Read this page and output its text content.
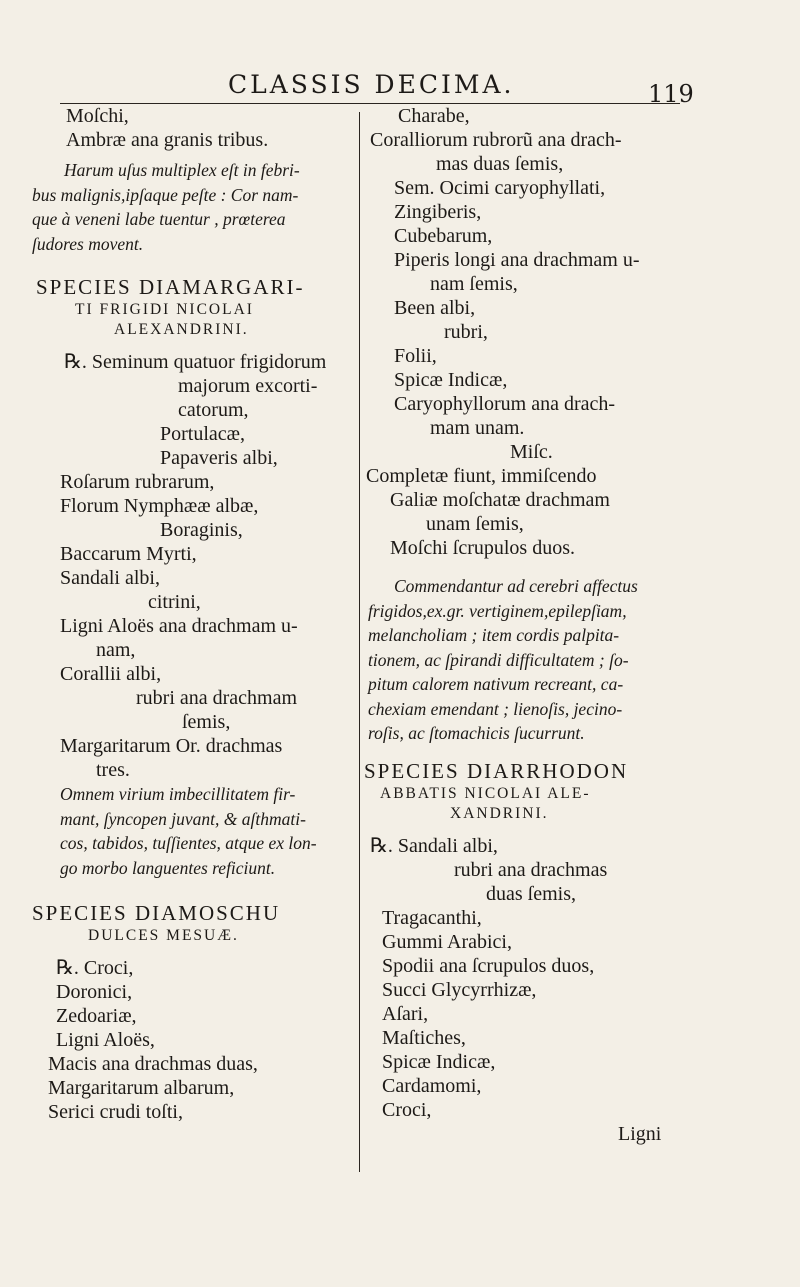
CLASSIS DECIMA.	119
Moſchi,
Ambræ ana granis tribus.
Harum uſus multiplex eſt in febri-
bus malignis,ipſaque peſte : Cor nam-
que à veneni labe tuentur , prœterea
ſudores movent.
SPECIES DIAMARGARI-
TI FRIGIDI NICOLAI
ALEXANDRINI.
℞. Seminum quatuor frigidorum
majorum excorti-
catorum,
Portulacæ,
Papaveris albi,
Roſarum rubrarum,
Florum Nymphææ albæ,
Boraginis,
Baccarum Myrti,
Sandali albi,
citrini,
Ligni Aloës ana drachmam u-
nam,
Corallii albi,
rubri ana drachmam
ſemis,
Margaritarum Or. drachmas
tres.
Omnem virium imbecillitatem fir-
mant, ſyncopen juvant, & aſthmati-
cos, tabidos, tuſſientes, atque ex lon-
go morbo languentes reficiunt.
SPECIES DIAMOSCHU
DULCES MESUÆ.
℞. Croci,
Doronici,
Zedoariæ,
Ligni Aloës,
Macis ana drachmas duas,
Margaritarum albarum,
Serici crudi toſti,
Charabe,
Coralliorum rubrorũ ana drach-
mas duas ſemis,
Sem. Ocimi caryophyllati,
Zingiberis,
Cubebarum,
Piperis longi ana drachmam u-
nam ſemis,
Been albi,
rubri,
Folii,
Spicæ Indicæ,
Caryophyllorum ana drach-
mam unam.
Miſc.
Completæ fiunt, immiſcendo
Galiæ moſchatæ drachmam
unam ſemis,
Moſchi ſcrupulos duos.
Commendantur ad cerebri affectus
frigidos,ex.gr. vertiginem,epilepſiam,
melancholiam ; item cordis palpita-
tionem, ac ſpirandi difficultatem ; ſo-
pitum calorem nativum recreant, ca-
chexiam emendant ; lienoſis, jecino-
roſis, ac ſtomachicis ſucurrunt.
SPECIES DIARRHODON
ABBATIS NICOLAI ALE-
XANDRINI.
℞. Sandali albi,
rubri ana drachmas
duas ſemis,
Tragacanthi,
Gummi Arabici,
Spodii ana ſcrupulos duos,
Succi Glycyrrhizæ,
Aſari,
Maſtiches,
Spicæ Indicæ,
Cardamomi,
Croci,
Ligni
